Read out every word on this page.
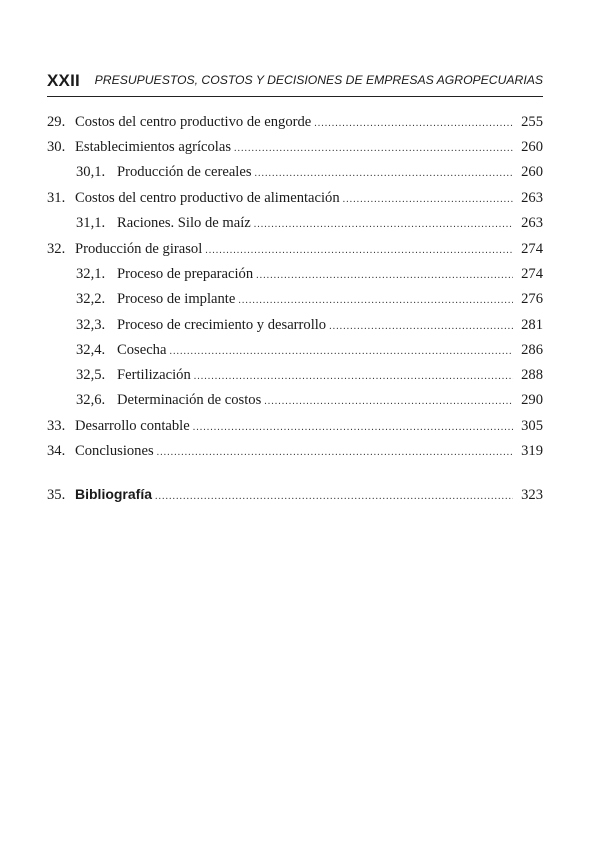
XXII PRESUPUESTOS, COSTOS Y DECISIONES DE EMPRESAS AGROPECUARIAS
29. Costos del centro productivo de engorde .....	255
30. Establecimientos agrícolas .....	260
30,1. Producción de cereales .....	260
31. Costos del centro productivo de alimentación .....	263
31,1. Raciones. Silo de maíz .....	263
32. Producción de girasol .....	274
32,1. Proceso de preparación .....	274
32,2. Proceso de implante .....	276
32,3. Proceso de crecimiento y desarrollo .....	281
32,4. Cosecha .....	286
32,5. Fertilización .....	288
32,6. Determinación de costos .....	290
33. Desarrollo contable .....	305
34. Conclusiones .....	319
35. Bibliografía .....	323
